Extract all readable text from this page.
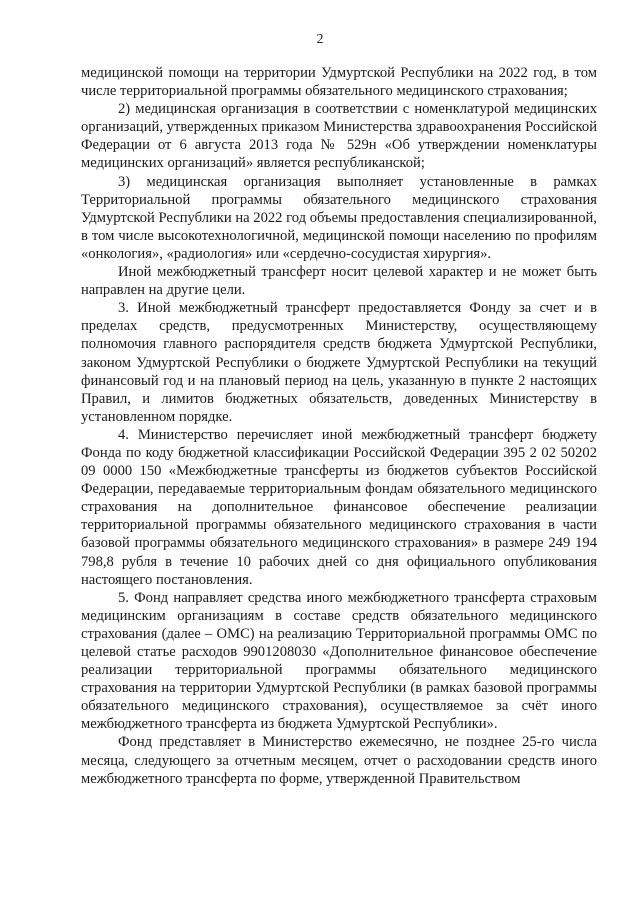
2

медицинской помощи на территории Удмуртской Республики на 2022 год, в том числе территориальной программы обязательного медицинского страхования;

2) медицинская организация в соответствии с номенклатурой медицинских организаций, утвержденных приказом Министерства здравоохранения Российской Федерации от 6 августа 2013 года № 529н «Об утверждении номенклатуры медицинских организаций» является республиканской;

3) медицинская организация выполняет установленные в рамках Территориальной программы обязательного медицинского страхования Удмуртской Республики на 2022 год объемы предоставления специализированной, в том числе высокотехнологичной, медицинской помощи населению по профилям «онкология», «радиология» или «сердечно-сосудистая хирургия».

Иной межбюджетный трансферт носит целевой характер и не может быть направлен на другие цели.

3. Иной межбюджетный трансферт предоставляется Фонду за счет и в пределах средств, предусмотренных Министерству, осуществляющему полномочия главного распорядителя средств бюджета Удмуртской Республики, законом Удмуртской Республики о бюджете Удмуртской Республики на текущий финансовый год и на плановый период на цель, указанную в пункте 2 настоящих Правил, и лимитов бюджетных обязательств, доведенных Министерству в установленном порядке.

4. Министерство перечисляет иной межбюджетный трансферт бюджету Фонда по коду бюджетной классификации Российской Федерации 395 2 02 50202 09 0000 150 «Межбюджетные трансферты из бюджетов субъектов Российской Федерации, передаваемые территориальным фондам обязательного медицинского страхования на дополнительное финансовое обеспечение реализации территориальной программы обязательного медицинского страхования в части базовой программы обязательного медицинского страхования» в размере 249 194 798,8 рубля в течение 10 рабочих дней со дня официального опубликования настоящего постановления.

5. Фонд направляет средства иного межбюджетного трансферта страховым медицинским организациям в составе средств обязательного медицинского страхования (далее – ОМС) на реализацию Территориальной программы ОМС по целевой статье расходов 9901208030 «Дополнительное финансовое обеспечение реализации территориальной программы обязательного медицинского страхования на территории Удмуртской Республики (в рамках базовой программы обязательного медицинского страхования), осуществляемое за счёт иного межбюджетного трансферта из бюджета Удмуртской Республики».

Фонд представляет в Министерство ежемесячно, не позднее 25-го числа месяца, следующего за отчетным месяцем, отчет о расходовании средств иного межбюджетного трансферта по форме, утвержденной Правительством
